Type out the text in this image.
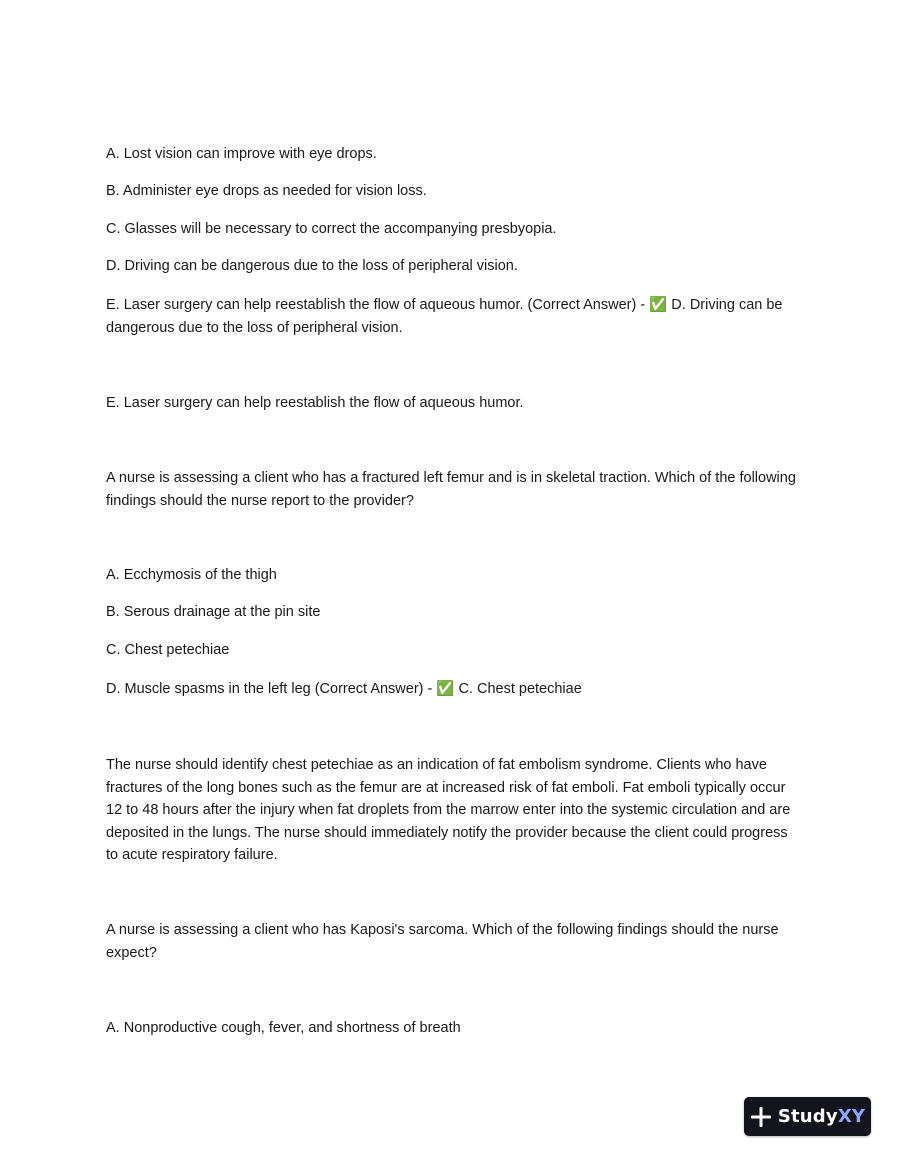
A. Lost vision can improve with eye drops.

B. Administer eye drops as needed for vision loss.

C. Glasses will be necessary to correct the accompanying presbyopia.

D. Driving can be dangerous due to the loss of peripheral vision.

E. Laser surgery can help reestablish the flow of aqueous humor. (Correct Answer) - ✅ D. Driving can be dangerous due to the loss of peripheral vision.

E. Laser surgery can help reestablish the flow of aqueous humor.

A nurse is assessing a client who has a fractured left femur and is in skeletal traction. Which of the following findings should the nurse report to the provider?

A. Ecchymosis of the thigh

B. Serous drainage at the pin site

C. Chest petechiae

D. Muscle spasms in the left leg (Correct Answer) - ✅ C. Chest petechiae

The nurse should identify chest petechiae as an indication of fat embolism syndrome. Clients who have fractures of the long bones such as the femur are at increased risk of fat emboli. Fat emboli typically occur 12 to 48 hours after the injury when fat droplets from the marrow enter into the systemic circulation and are deposited in the lungs. The nurse should immediately notify the provider because the client could progress to acute respiratory failure.

A nurse is assessing a client who has Kaposi's sarcoma. Which of the following findings should the nurse expect?

A. Nonproductive cough, fever, and shortness of breath

StudyXY
